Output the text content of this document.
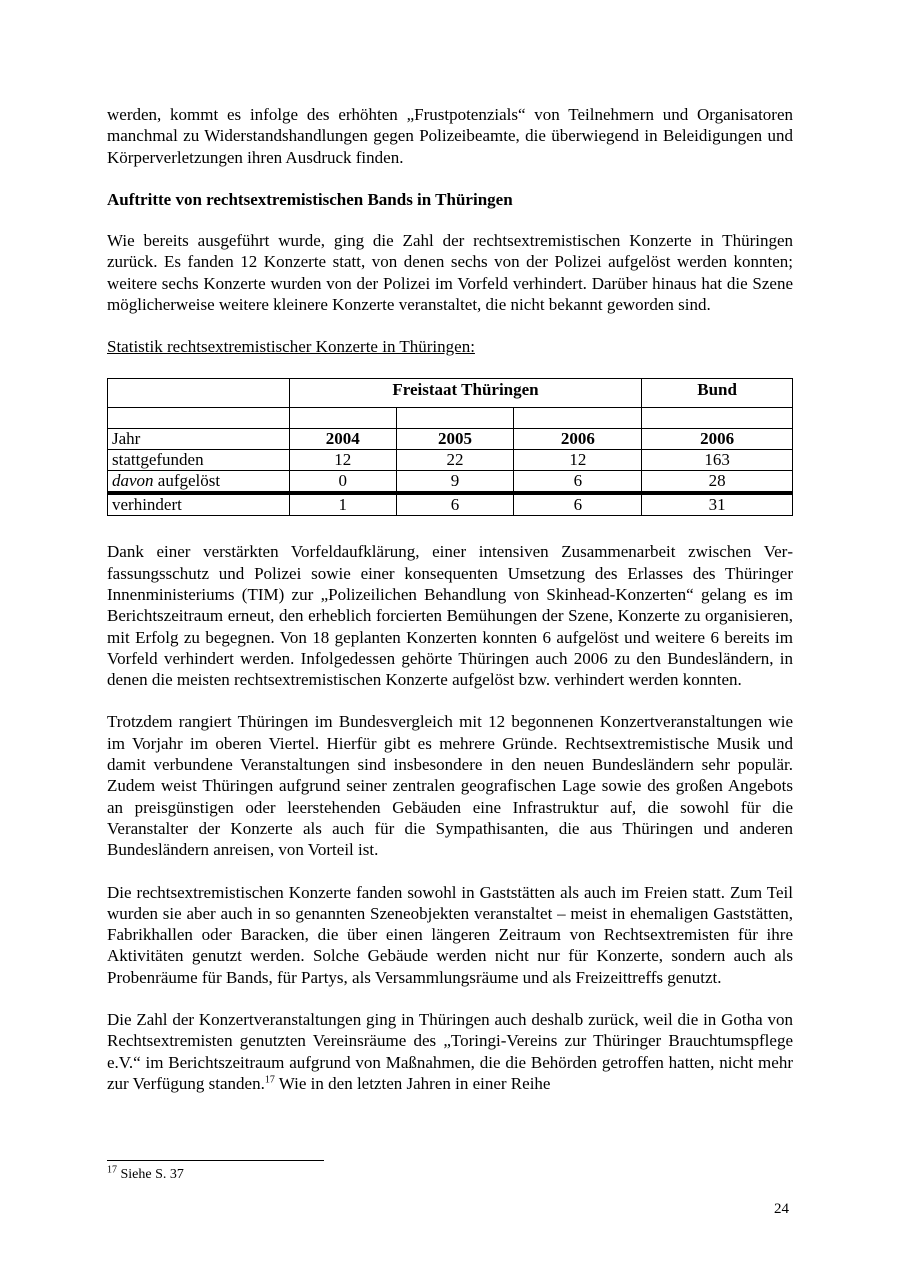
werden, kommt es infolge des erhöhten „Frustpotenzials“ von Teilnehmern und Organisatoren manchmal zu Widerstandshandlungen gegen Polizeibeamte, die überwiegend in Beleidigungen und Körperverletzungen ihren Ausdruck finden.

Auftritte von rechtsextremistischen Bands in Thüringen

Wie bereits ausgeführt wurde, ging die Zahl der rechtsextremistischen Konzerte in Thüringen zurück. Es fanden 12 Konzerte statt, von denen sechs von der Polizei aufgelöst werden konnten; weitere sechs Konzerte wurden von der Polizei im Vorfeld verhindert. Darüber hinaus hat die Szene möglicherweise weitere kleinere Konzerte veranstaltet, die nicht bekannt geworden sind.

Statistik rechtsextremistischer Konzerte in Thüringen:

	Freistaat Thüringen			Bund

Jahr	2004	2005	2006	2006
stattgefunden	12	22	12	163
davon aufgelöst	0	9	6	28
verhindert	1	6	6	31

Dank einer verstärkten Vorfeldaufklärung, einer intensiven Zusammenarbeit zwischen Verfassungsschutz und Polizei sowie einer konsequenten Umsetzung des Erlasses des Thüringer Innenministeriums (TIM) zur „Polizeilichen Behandlung von Skinhead-Konzerten“ gelang es im Berichtszeitraum erneut, den erheblich forcierten Bemühungen der Szene, Konzerte zu organisieren, mit Erfolg zu begegnen. Von 18 geplanten Konzerten konnten 6 aufgelöst und weitere 6 bereits im Vorfeld verhindert werden. Infolgedessen gehörte Thüringen auch 2006 zu den Bundesländern, in denen die meisten rechtsextremistischen Konzerte aufgelöst bzw. verhindert werden konnten.

Trotzdem rangiert Thüringen im Bundesvergleich mit 12 begonnenen Konzertveranstaltungen wie im Vorjahr im oberen Viertel. Hierfür gibt es mehrere Gründe. Rechtsextremistische Musik und damit verbundene Veranstaltungen sind insbesondere in den neuen Bundesländern sehr populär. Zudem weist Thüringen aufgrund seiner zentralen geografischen Lage sowie des großen Angebots an preisgünstigen oder leerstehenden Gebäuden eine Infrastruktur auf, die sowohl für die Veranstalter der Konzerte als auch für die Sympathisanten, die aus Thüringen und anderen Bundesländern anreisen, von Vorteil ist.

Die rechtsextremistischen Konzerte fanden sowohl in Gaststätten als auch im Freien statt. Zum Teil wurden sie aber auch in so genannten Szeneobjekten veranstaltet – meist in ehemaligen Gaststätten, Fabrikhallen oder Baracken, die über einen längeren Zeitraum von Rechtsextremisten für ihre Aktivitäten genutzt werden. Solche Gebäude werden nicht nur für Konzerte, sondern auch als Probenräume für Bands, für Partys, als Versammlungsräume und als Freizeittreffs genutzt.

Die Zahl der Konzertveranstaltungen ging in Thüringen auch deshalb zurück, weil die in Gotha von Rechtsextremisten genutzten Vereinsräume des „Toringi-Vereins zur Thüringer Brauchtumspflege e.V.“ im Berichtszeitraum aufgrund von Maßnahmen, die die Behörden getroffen hatten, nicht mehr zur Verfügung standen.$^{17}$ Wie in den letzten Jahren in einer Reihe

$^{17}$ Siehe S. 37
24
